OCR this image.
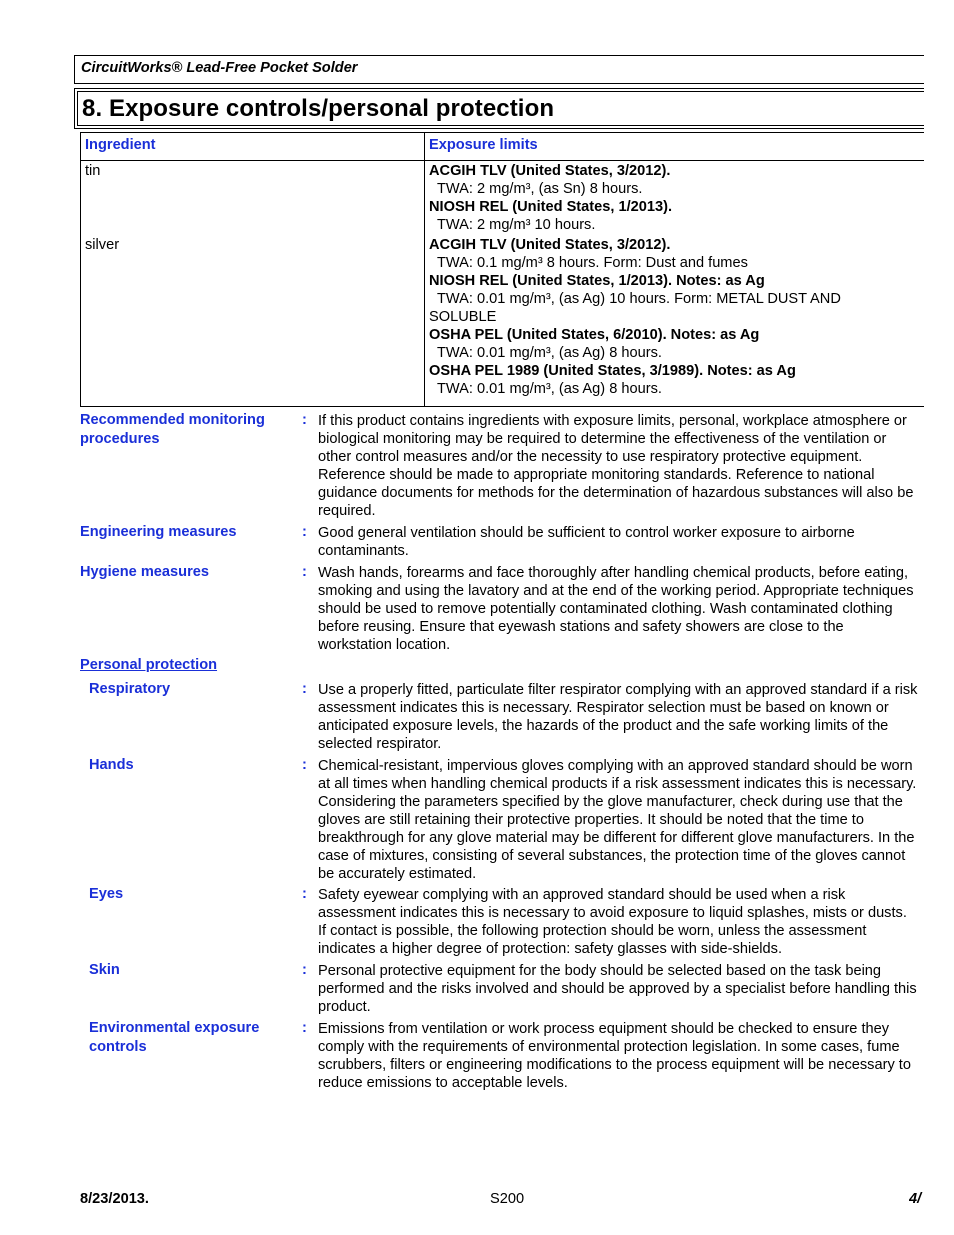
CircuitWorks® Lead-Free Pocket Solder
8. Exposure controls/personal protection
Ingredient	Exposure limits
tin	ACGIH TLV (United States, 3/2012).
TWA: 2 mg/m³, (as Sn) 8 hours.
NIOSH REL (United States, 1/2013).
TWA: 2 mg/m³ 10 hours.
silver	ACGIH TLV (United States, 3/2012).
TWA: 0.1 mg/m³ 8 hours. Form: Dust and fumes
NIOSH REL (United States, 1/2013). Notes: as Ag
TWA: 0.01 mg/m³, (as Ag) 10 hours. Form: METAL DUST AND
SOLUBLE
OSHA PEL (United States, 6/2010). Notes: as Ag
TWA: 0.01 mg/m³, (as Ag) 8 hours.
OSHA PEL 1989 (United States, 3/1989). Notes: as Ag
TWA: 0.01 mg/m³, (as Ag) 8 hours.
Recommended monitoring
procedures
: If this product contains ingredients with exposure limits, personal, workplace atmosphere or biological monitoring may be required to determine the effectiveness of the ventilation or other control measures and/or the necessity to use respiratory protective equipment. Reference should be made to appropriate monitoring standards. Reference to national guidance documents for methods for the determination of hazardous substances will also be required.
Engineering measures	: Good general ventilation should be sufficient to control worker exposure to airborne contaminants.
Hygiene measures	: Wash hands, forearms and face thoroughly after handling chemical products, before eating, smoking and using the lavatory and at the end of the working period. Appropriate techniques should be used to remove potentially contaminated clothing. Wash contaminated clothing before reusing. Ensure that eyewash stations and safety showers are close to the workstation location.
Personal protection
Respiratory	: Use a properly fitted, particulate filter respirator complying with an approved standard if a risk assessment indicates this is necessary. Respirator selection must be based on known or anticipated exposure levels, the hazards of the product and the safe working limits of the selected respirator.
Hands	: Chemical-resistant, impervious gloves complying with an approved standard should be worn at all times when handling chemical products if a risk assessment indicates this is necessary. Considering the parameters specified by the glove manufacturer, check during use that the gloves are still retaining their protective properties. It should be noted that the time to breakthrough for any glove material may be different for different glove manufacturers. In the case of mixtures, consisting of several substances, the protection time of the gloves cannot be accurately estimated.
Eyes	: Safety eyewear complying with an approved standard should be used when a risk assessment indicates this is necessary to avoid exposure to liquid splashes, mists or dusts. If contact is possible, the following protection should be worn, unless the assessment indicates a higher degree of protection: safety glasses with side-shields.
Skin	: Personal protective equipment for the body should be selected based on the task being performed and the risks involved and should be approved by a specialist before handling this product.
Environmental exposure
controls
: Emissions from ventilation or work process equipment should be checked to ensure they comply with the requirements of environmental protection legislation. In some cases, fume scrubbers, filters or engineering modifications to the process equipment will be necessary to reduce emissions to acceptable levels.
8/23/2013.	S200	4/
